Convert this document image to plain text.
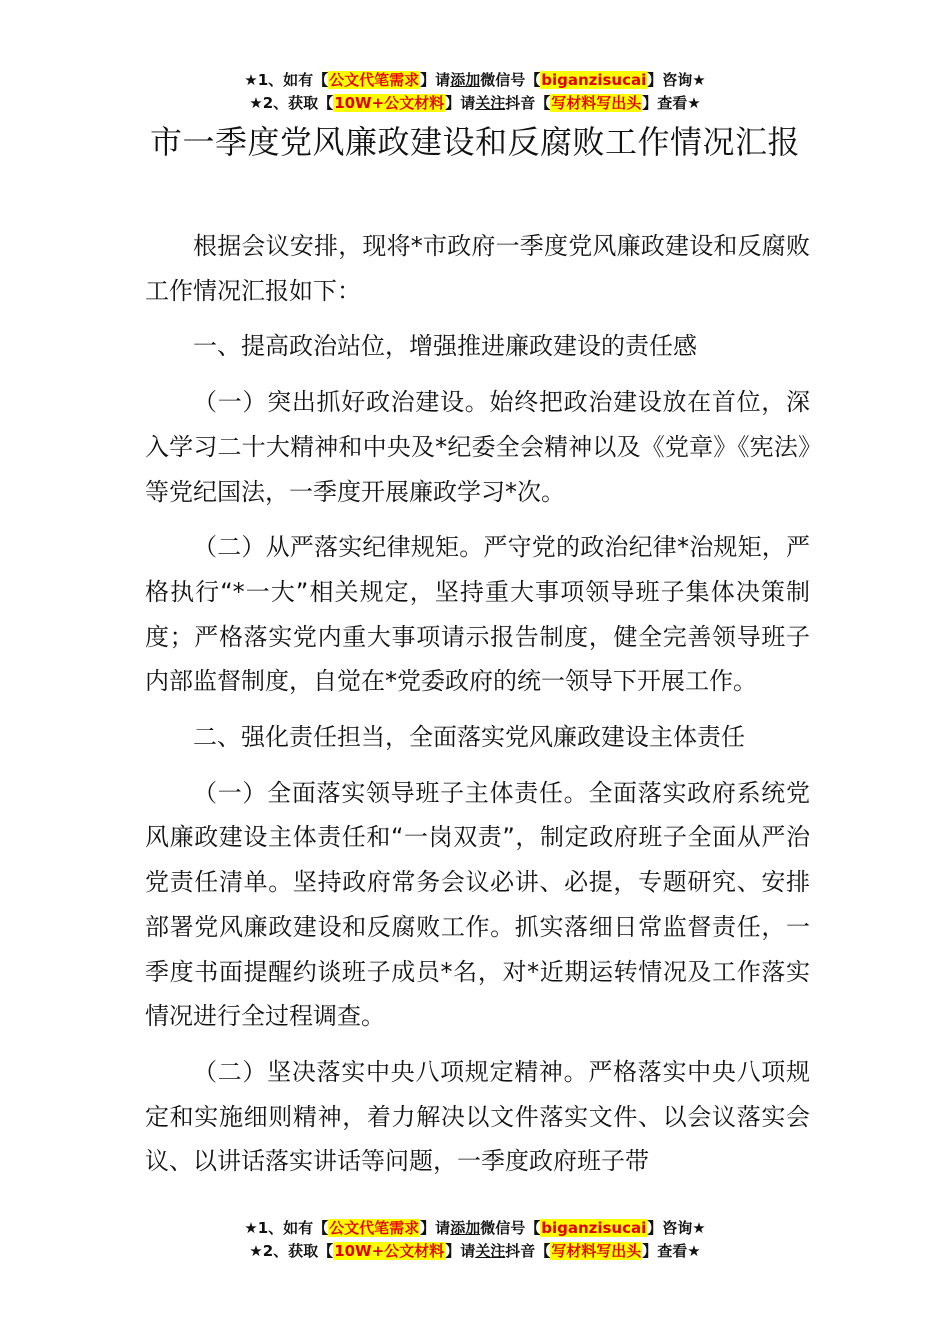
★1、如有【公文代笔需求】请添加微信号【biganzisucai】咨询★
★2、获取【10W+公文材料】请关注抖音【写材料写出头】查看★
市一季度党风廉政建设和反腐败工作情况汇报

根据会议安排，现将*市政府一季度党风廉政建设和反腐败工作情况汇报如下：

一、提高政治站位，增强推进廉政建设的责任感

（一）突出抓好政治建设。始终把政治建设放在首位，深入学习二十大精神和中央及*纪委全会精神以及《党章》《宪法》等党纪国法，一季度开展廉政学习*次。

（二）从严落实纪律规矩。严守党的政治纪律*治规矩，严格执行“*一大”相关规定，坚持重大事项领导班子集体决策制度；严格落实党内重大事项请示报告制度，健全完善领导班子内部监督制度，自觉在*党委政府的统一领导下开展工作。

二、强化责任担当，全面落实党风廉政建设主体责任

（一）全面落实领导班子主体责任。全面落实政府系统党风廉政建设主体责任和“一岗双责”，制定政府班子全面从严治党责任清单。坚持政府常务会议必讲、必提，专题研究、安排部署党风廉政建设和反腐败工作。抓实落细日常监督责任，一季度书面提醒约谈班子成员*名，对*近期运转情况及工作落实情况进行全过程调查。

（二）坚决落实中央八项规定精神。严格落实中央八项规定和实施细则精神，着力解决以文件落实文件、以会议落实会议、以讲话落实讲话等问题，一季度政府班子带

★1、如有【公文代笔需求】请添加微信号【biganzisucai】咨询★
★2、获取【10W+公文材料】请关注抖音【写材料写出头】查看★
